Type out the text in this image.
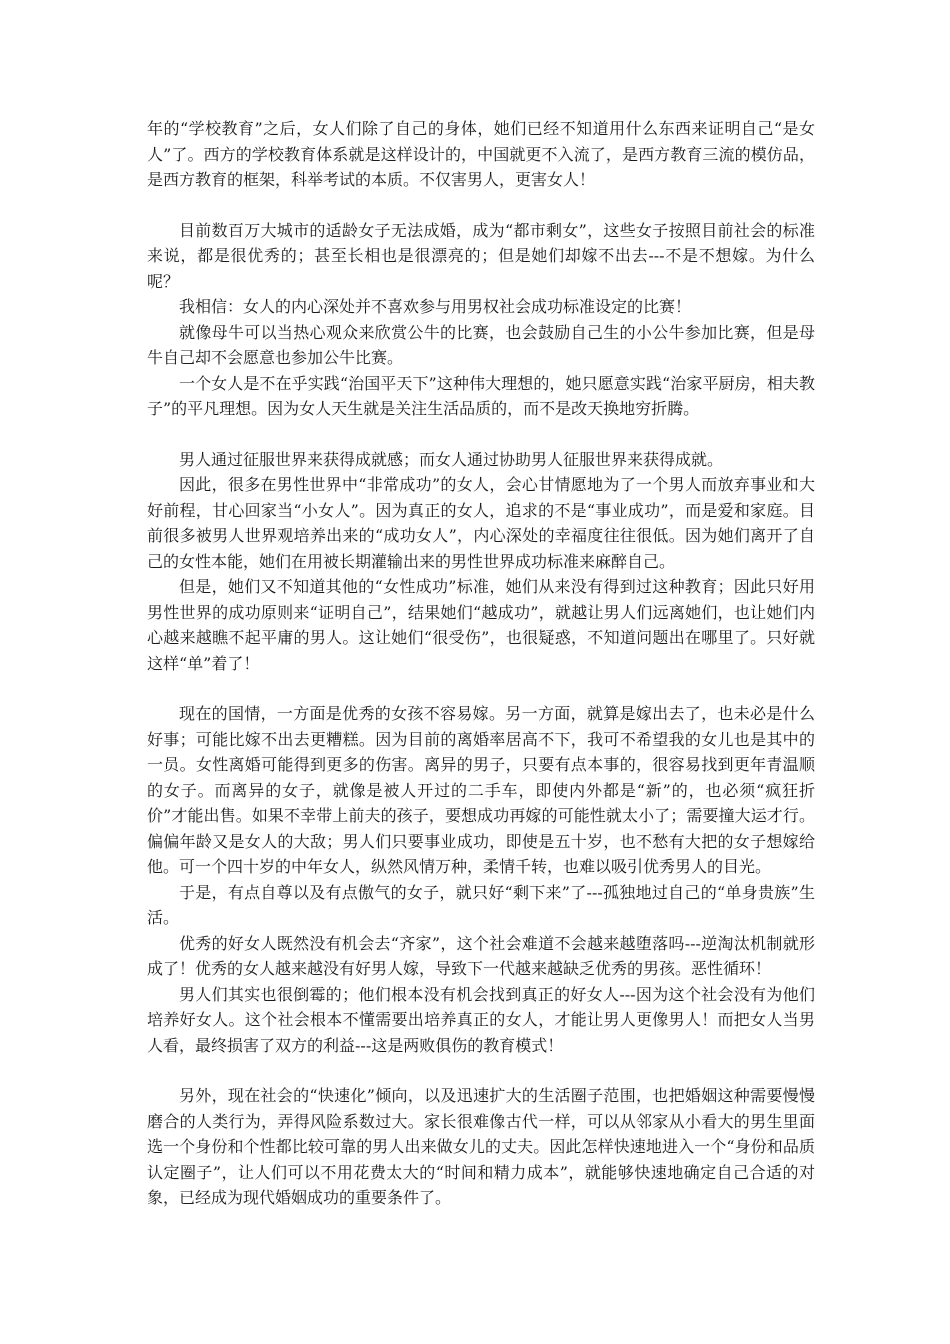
年的“学校教育”之后，女人们除了自己的身体，她们已经不知道用什么东西来证明自己“是女人”了。西方的学校教育体系就是这样设计的，中国就更不入流了，是西方教育三流的模仿品，是西方教育的框架，科举考试的本质。不仅害男人，更害女人！

目前数百万大城市的适龄女子无法成婚，成为“都市剩女”，这些女子按照目前社会的标准来说，都是很优秀的；甚至长相也是很漂亮的；但是她们却嫁不出去---不是不想嫁。为什么呢？

我相信：女人的内心深处并不喜欢参与用男权社会成功标准设定的比赛！

就像母牛可以当热心观众来欣赏公牛的比赛，也会鼓励自己生的小公牛参加比赛，但是母牛自己却不会愿意也参加公牛比赛。

一个女人是不在乎实践“治国平天下”这种伟大理想的，她只愿意实践“治家平厨房，相夫教子”的平凡理想。因为女人天生就是关注生活品质的，而不是改天换地穷折腾。

男人通过征服世界来获得成就感；而女人通过协助男人征服世界来获得成就。

因此，很多在男性世界中“非常成功”的女人，会心甘情愿地为了一个男人而放弃事业和大好前程，甘心回家当“小女人”。因为真正的女人，追求的不是“事业成功”，而是爱和家庭。目前很多被男人世界观培养出来的“成功女人”，内心深处的幸福度往往很低。因为她们离开了自己的女性本能，她们在用被长期灌输出来的男性世界成功标准来麻醉自己。

但是，她们又不知道其他的“女性成功”标准，她们从来没有得到过这种教育；因此只好用男性世界的成功原则来“证明自己”，结果她们“越成功”，就越让男人们远离她们，也让她们内心越来越瞧不起平庸的男人。这让她们“很受伤”，也很疑惑，不知道问题出在哪里了。只好就这样“单”着了！

现在的国情，一方面是优秀的女孩不容易嫁。另一方面，就算是嫁出去了，也未必是什么好事；可能比嫁不出去更糟糕。因为目前的离婚率居高不下，我可不希望我的女儿也是其中的一员。女性离婚可能得到更多的伤害。离异的男子，只要有点本事的，很容易找到更年青温顺的女子。而离异的女子，就像是被人开过的二手车，即使内外都是“新”的，也必须“疯狂折价”才能出售。如果不幸带上前夫的孩子，要想成功再嫁的可能性就太小了；需要撞大运才行。偏偏年龄又是女人的大敌；男人们只要事业成功，即使是五十岁，也不愁有大把的女子想嫁给他。可一个四十岁的中年女人，纵然风情万种，柔情千转，也难以吸引优秀男人的目光。

于是，有点自尊以及有点傲气的女子，就只好“剩下来”了---孤独地过自己的“单身贵族”生活。

优秀的好女人既然没有机会去“齐家”，这个社会难道不会越来越堕落吗---逆淘汰机制就形成了！优秀的女人越来越没有好男人嫁，导致下一代越来越缺乏优秀的男孩。恶性循环！

男人们其实也很倒霉的；他们根本没有机会找到真正的好女人---因为这个社会没有为他们培养好女人。这个社会根本不懂需要出培养真正的女人，才能让男人更像男人！而把女人当男人看，最终损害了双方的利益---这是两败俱伤的教育模式！

另外，现在社会的“快速化”倾向，以及迅速扩大的生活圈子范围，也把婚姻这种需要慢慢磨合的人类行为，弄得风险系数过大。家长很难像古代一样，可以从邻家从小看大的男生里面选一个身份和个性都比较可靠的男人出来做女儿的丈夫。因此怎样快速地进入一个“身份和品质认定圈子”，让人们可以不用花费太大的“时间和精力成本”，就能够快速地确定自己合适的对象，已经成为现代婚姻成功的重要条件了。
